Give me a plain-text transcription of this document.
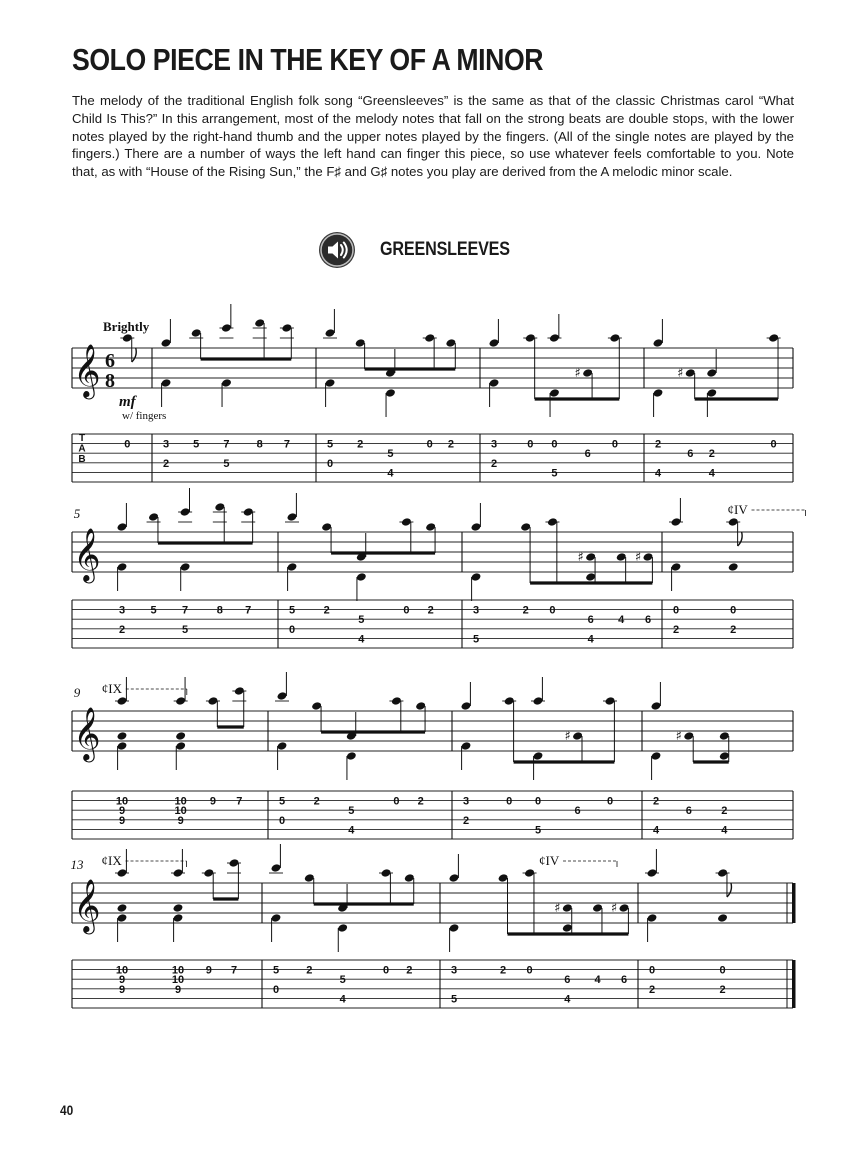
SOLO PIECE IN THE KEY OF A MINOR

The melody of the traditional English folk song “Greensleeves” is the same as that of the classic Christmas carol “What Child Is This?” In this arrangement, most of the melody notes that fall on the strong beats are double stops, with the lower notes played by the right-hand thumb and the upper notes played by the fingers. (All of the single notes are played by the fingers.) There are a number of ways the left hand can finger this piece, so use whatever feels comfortable to you. Note that, as with “House of the Rising Sun,” the F♯ and G♯ notes you play are derived from the A melodic minor scale.

GREENSLEEVES
𝄞 6
8
Brightly
mf
w/ fingers
T
A
B
0	3
2
5 7
5
8 7	5
0
2
5
4
0 2	3
2
0 0
5
6
0
♯
2
4
6 2
4
0
♯
𝄞
5	¢IV
3
2
5 7
5
8 7	5
0
2
5
4
0 2	3
5
2 0
6
4
4 6
♯	♯
0
2
0
2
𝄞
9 ¢IX
10
9
9
10
10
9
9 7	5
0
2
5
4
0 2	3
2
0 0
5
6
0
♯
2
4
6	2
4
♯
𝄞
13 ¢IX	¢IV
10
9
9
10
10
9
9 7	5
0
2
5
4
0 2	3
5
2 0
6
4
4 6
♯	♯
0
2
0
2
40
